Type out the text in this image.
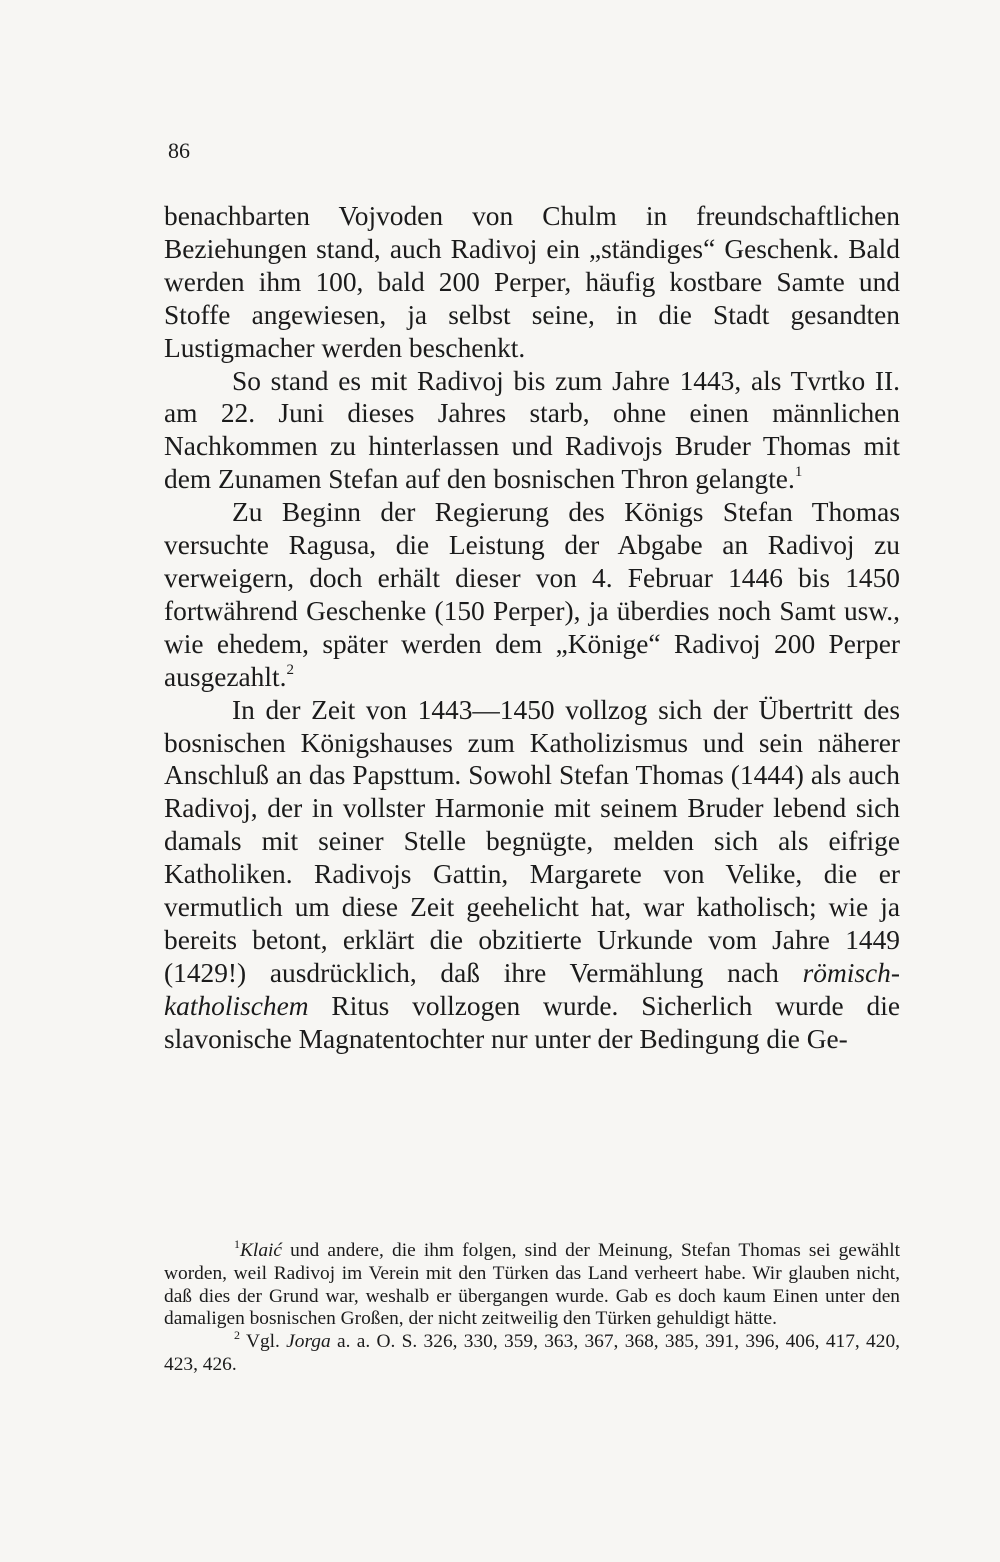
86

benachbarten Vojvoden von Chulm in freundschaftlichen Beziehungen stand, auch Radivoj ein „ständiges“ Geschenk. Bald werden ihm 100, bald 200 Perper, häufig kostbare Samte und Stoffe angewiesen, ja selbst seine, in die Stadt gesandten Lustigmacher werden beschenkt.

So stand es mit Radivoj bis zum Jahre 1443, als Tvrtko II. am 22. Juni dieses Jahres starb, ohne einen männlichen Nachkommen zu hinterlassen und Radivojs Bruder Thomas mit dem Zunamen Stefan auf den bosnischen Thron gelangte.$^1$

Zu Beginn der Regierung des Königs Stefan Thomas versuchte Ragusa, die Leistung der Abgabe an Radivoj zu verweigern, doch erhält dieser von 4. Februar 1446 bis 1450 fortwährend Geschenke (150 Perper), ja überdies noch Samt usw., wie ehedem, später werden dem „Könige“ Radivoj 200 Perper ausgezahlt.$^2$

In der Zeit von 1443—1450 vollzog sich der Übertritt des bosnischen Königshauses zum Katholizismus und sein näherer Anschluß an das Papsttum. Sowohl Stefan Thomas (1444) als auch Radivoj, der in vollster Harmonie mit seinem Bruder lebend sich damals mit seiner Stelle begnügte, melden sich als eifrige Katholiken. Radivojs Gattin, Margarete von Velike, die er vermutlich um diese Zeit geehelicht hat, war katholisch; wie ja bereits betont, erklärt die obzitierte Urkunde vom Jahre 1449 (1429!) ausdrücklich, daß ihre Vermählung nach römisch-katholischem Ritus vollzogen wurde. Sicherlich wurde die slavonische Magnatentochter nur unter der Bedingung die Ge-

$^1$Klaić und andere, die ihm folgen, sind der Meinung, Stefan Thomas sei gewählt worden, weil Radivoj im Verein mit den Türken das Land verheert habe. Wir glauben nicht, daß dies der Grund war, weshalb er übergangen wurde. Gab es doch kaum Einen unter den damaligen bosnischen Großen, der nicht zeitweilig den Türken gehuldigt hätte.

$^2$ Vgl. Jorga a. a. O. S. 326, 330, 359, 363, 367, 368, 385, 391, 396, 406, 417, 420, 423, 426.
